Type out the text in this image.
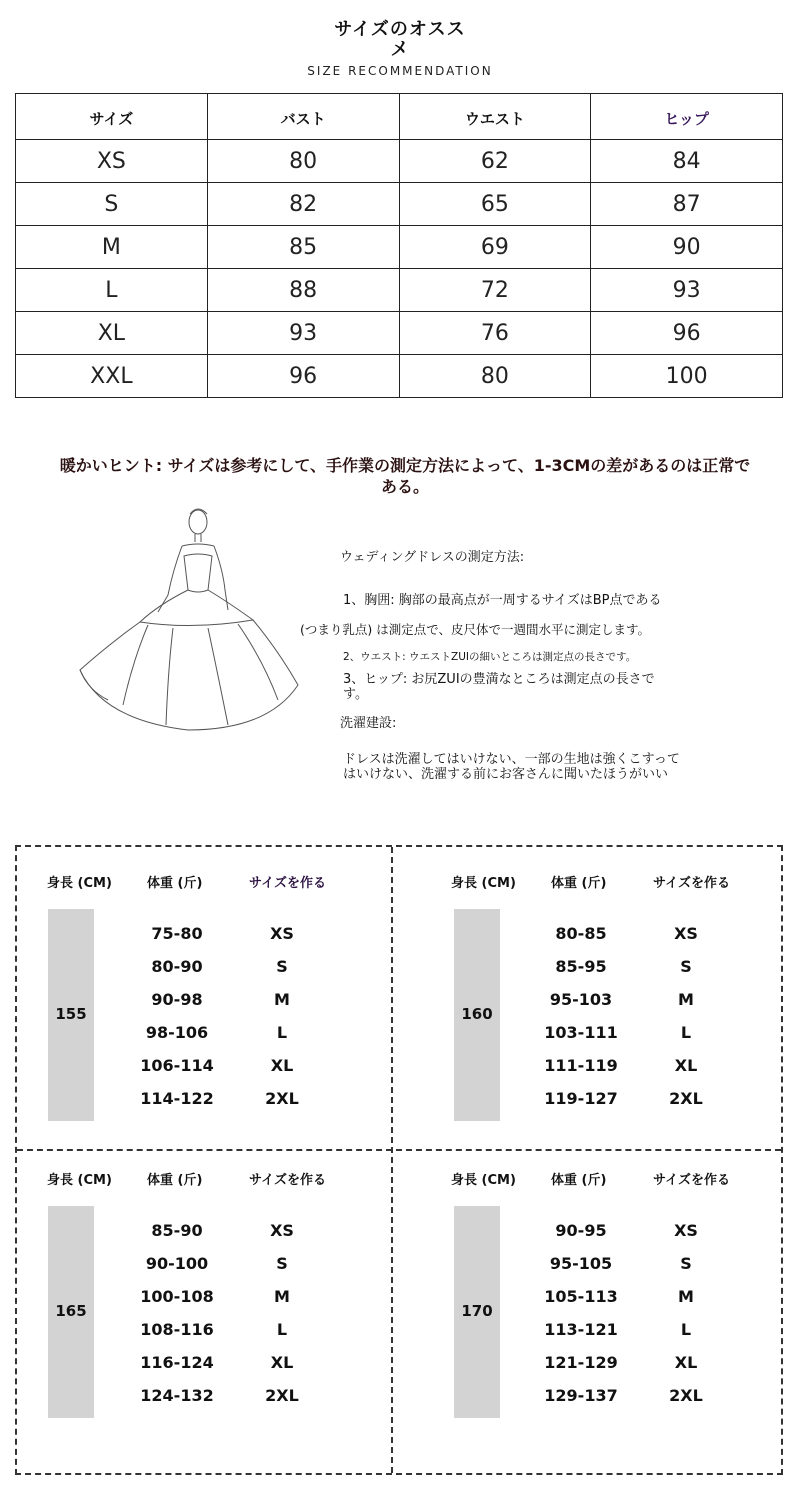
サイズのオススメ
SIZE RECOMMENDATION
サイズ	バスト	ウエスト	ヒップ
XS	80	62	84
S	82	65	87
M	85	69	90
L	88	72	93
XL	93	76	96
XXL	96	80	100
暖かいヒント: サイズは参考にして、手作業の測定方法によって、1-3CMの差があるのは正常である。
ウェディングドレスの測定方法:
1、胸囲: 胸部の最高点が一周するサイズはBP点である
(つまり乳点) は測定点で、皮尺体で一週間水平に測定します。
2、ウエスト: ウエストZUIの細いところは測定点の長さです。
3、ヒップ: お尻ZUIの豊満なところは測定点の長さです。
洗濯建設:
ドレスは洗濯してはいけない、一部の生地は強くこすってはいけない、洗濯する前にお客さんに聞いたほうがいい
身長 (CM)	体重 (斤)	サイズを作る
155
75-80	XS
80-90	S
90-98	M
98-106	L
106-114	XL
114-122	2XL
身長 (CM)	体重 (斤)	サイズを作る
160
80-85	XS
85-95	S
95-103	M
103-111	L
111-119	XL
119-127	2XL
身長 (CM)	体重 (斤)	サイズを作る
165
85-90	XS
90-100	S
100-108	M
108-116	L
116-124	XL
124-132	2XL
身長 (CM)	体重 (斤)	サイズを作る
170
90-95	XS
95-105	S
105-113	M
113-121	L
121-129	XL
129-137	2XL
